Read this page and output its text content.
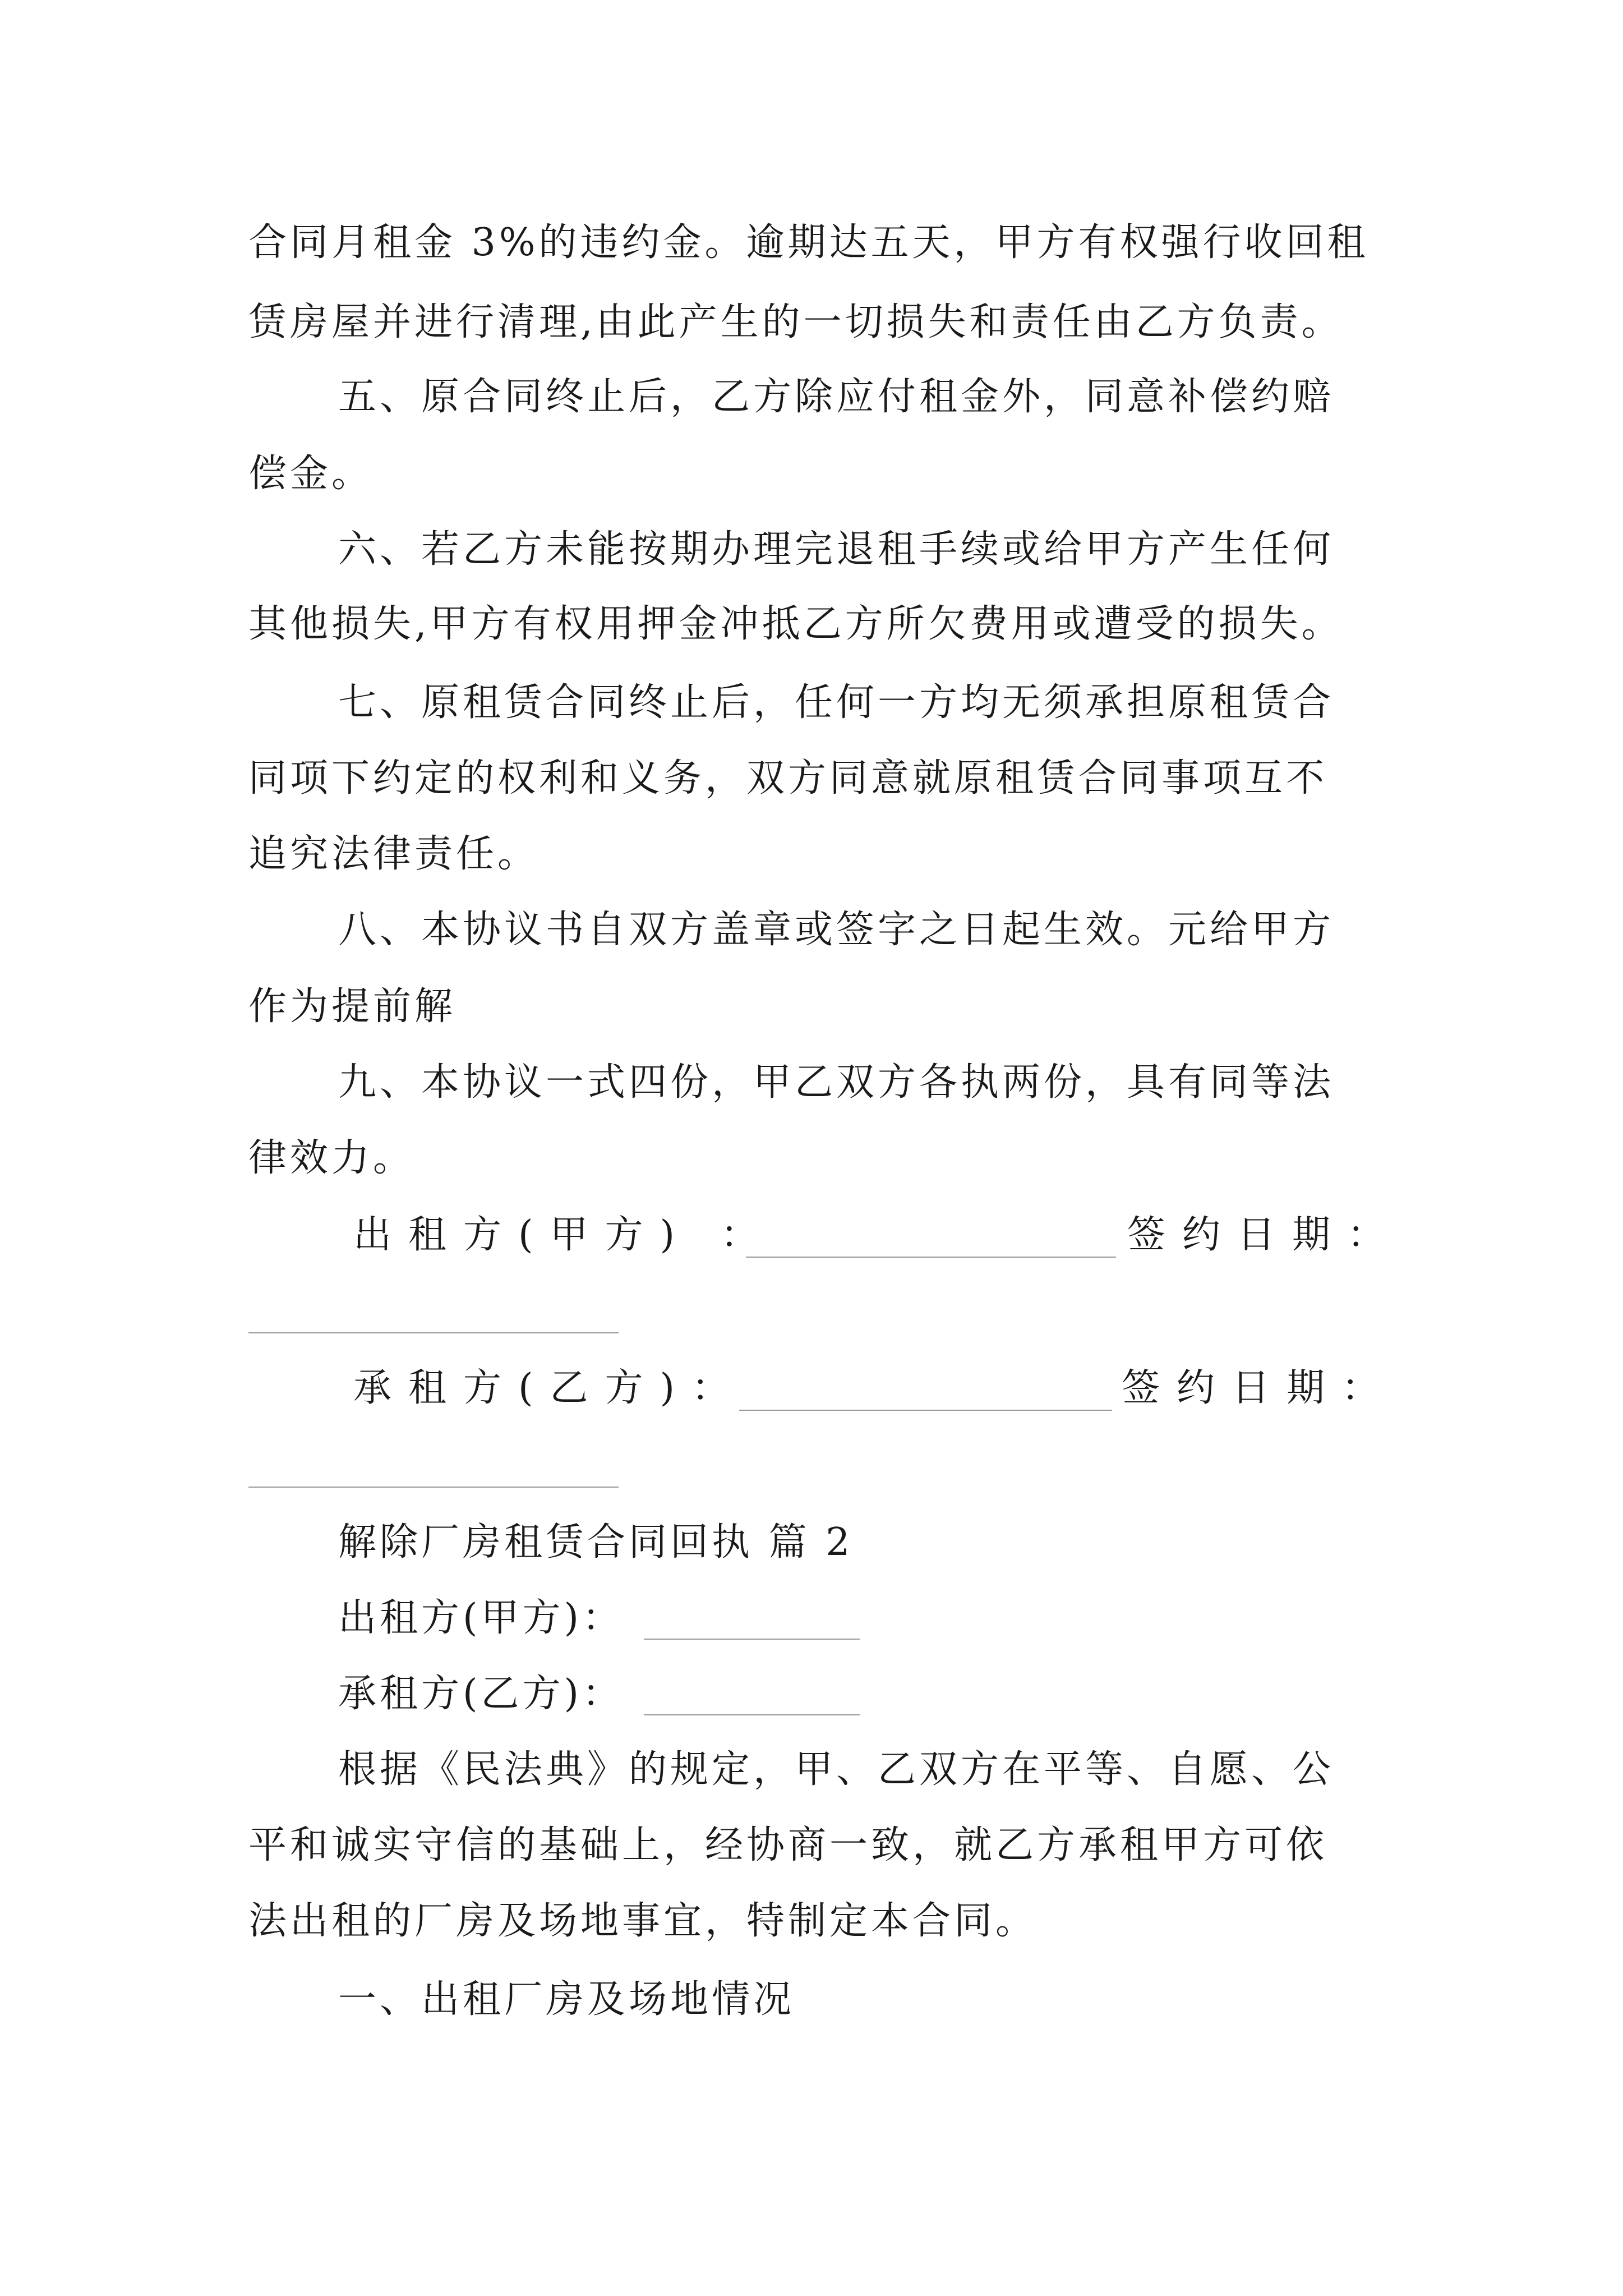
合同月租金 3%的违约金。逾期达五天，甲方有权强行收回租
赁房屋并进行清理,由此产生的一切损失和责任由乙方负责。
五、原合同终止后，乙方除应付租金外，同意补偿约赔
偿金。
六、若乙方未能按期办理完退租手续或给甲方产生任何
其他损失,甲方有权用押金冲抵乙方所欠费用或遭受的损失。
七、原租赁合同终止后，任何一方均无须承担原租赁合
同项下约定的权利和义务，双方同意就原租赁合同事项互不
追究法律责任。
八、本协议书自双方盖章或签字之日起生效。元给甲方
作为提前解
九、本协议一式四份，甲乙双方各执两份，具有同等法
律效力。
出租方(甲方) ：	签约日期：
承租方(乙方)：	签约日期：
解除厂房租赁合同回执 篇 2
出租方(甲方)：
承租方(乙方)：
根据《民法典》的规定，甲、乙双方在平等、自愿、公
平和诚实守信的基础上，经协商一致，就乙方承租甲方可依
法出租的厂房及场地事宜，特制定本合同。
一、出租厂房及场地情况
